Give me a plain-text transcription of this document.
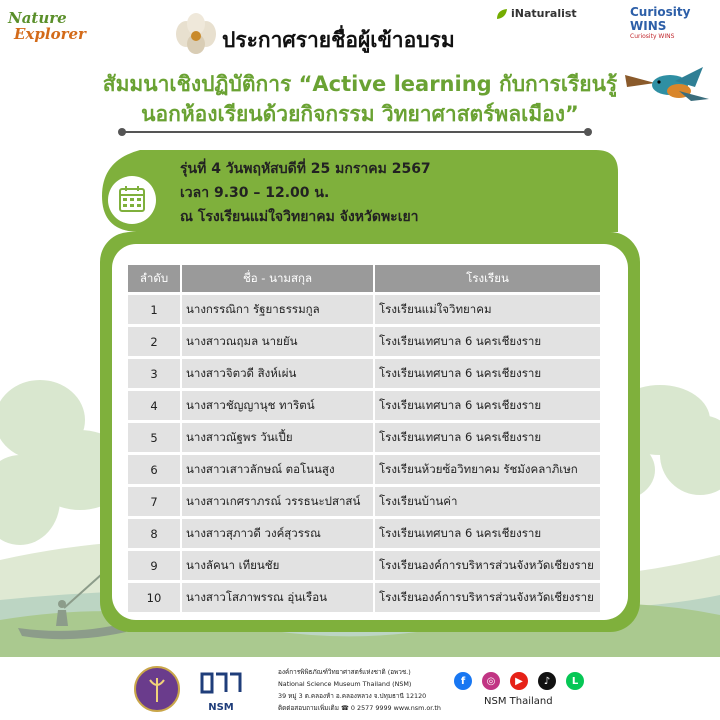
Nature
Explorer
iNaturalist	Curiosity WINS
Curiosity WINS
ประกาศรายชื่อผู้เข้าอบรม
สัมมนาเชิงปฏิบัติการ “Active learning กับการเรียนรู้
นอกห้องเรียนด้วยกิจกรรม วิทยาศาสตร์พลเมือง”
รุ่นที่ 4 วันพฤหัสบดีที่ 25 มกราคม 2567
เวลา 9.30 – 12.00 น.
ณ โรงเรียนแม่ใจวิทยาคม จังหวัดพะเยา
ลำดับ	ชื่อ - นามสกุล	โรงเรียน
1	นางกรรณิกา รัฐยาธรรมกูล	โรงเรียนแม่ใจวิทยาคม
2	นางสาวณฤมล นายยัน	โรงเรียนเทศบาล 6 นครเชียงราย
3	นางสาวจิตวดี สิงห์เผ่น	โรงเรียนเทศบาล 6 นครเชียงราย
4	นางสาวชัญญานุช ทาริตน์	โรงเรียนเทศบาล 6 นครเชียงราย
5	นางสาวณัฐพร วันเปี้ย	โรงเรียนเทศบาล 6 นครเชียงราย
6	นางสาวเสาวลักษณ์ ตอโนนสูง	โรงเรียนห้วยซ้อวิทยาคม รัชมังคลาภิเษก
7	นางสาวเกศราภรณ์ วรรธนะปสาสน์	โรงเรียนบ้านค่า
8	นางสาวสุภาวดี วงค์สุวรรณ	โรงเรียนเทศบาล 6 นครเชียงราย
9	นางลัคนา เทียนชัย	โรงเรียนองค์การบริหารส่วนจังหวัดเชียงราย
10	นางสาวโสภาพรรณ อุ่นเรือน	โรงเรียนองค์การบริหารส่วนจังหวัดเชียงราย
NSM
องค์การพิพิธภัณฑ์วิทยาศาสตร์แห่งชาติ (อพวช.)
National Science Museum Thailand (NSM)
39 หมู่ 3 ต.คลองห้า อ.คลองหลวง จ.ปทุมธานี 12120
ติดต่อสอบถามเพิ่มเติม ☎ 0 2577 9999 www.nsm.or.th
f	◎	▶	♪	L
NSM Thailand
